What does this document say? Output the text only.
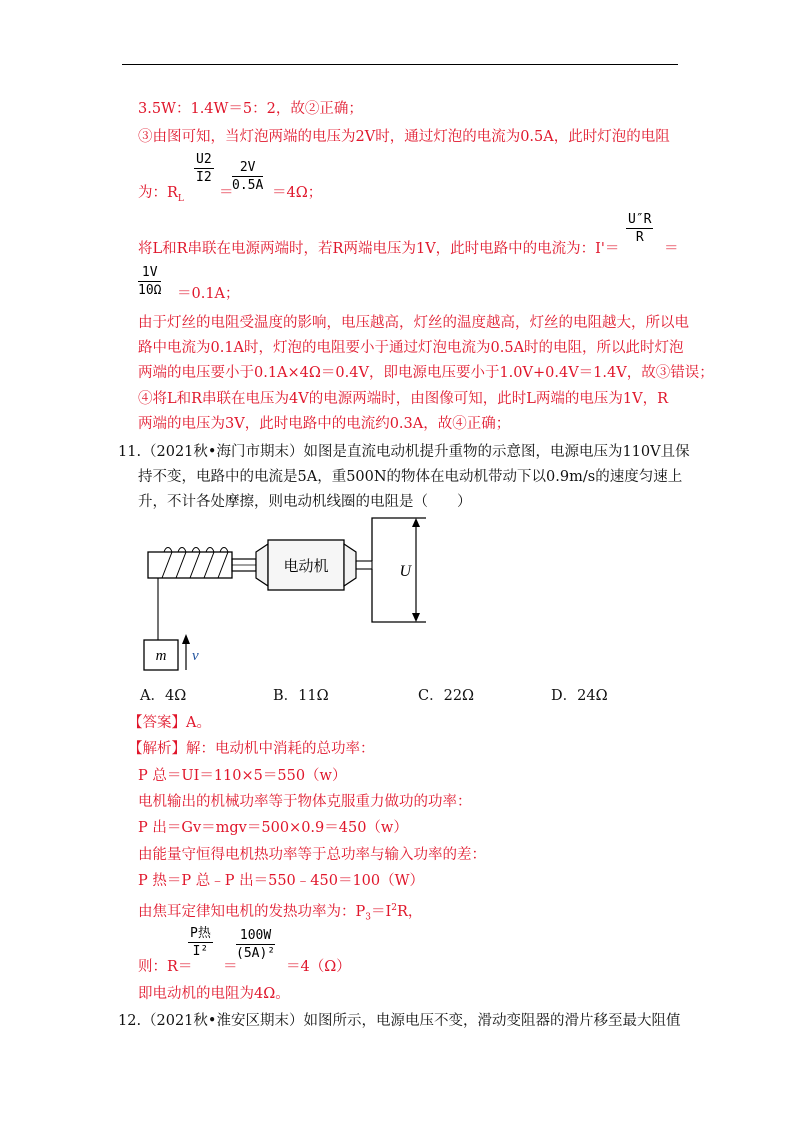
3.5W：1.4W＝5：2，故②正确；
③由图可知，当灯泡两端的电压为2V时，通过灯泡的电流为0.5A，此时灯泡的电阻
为：$R_L$
$\frac{U2}{I2}$
＝
$\frac{2V}{0.5A} =4\Omega$；
将L和R串联在电源两端时，若R两端电压为1V，此时电路中的电流为：I'＝
$\frac{U''R}{R}$
＝
$\frac{1V}{10\Omega} =0.1A$；
由于灯丝的电阻受温度的影响，电压越高，灯丝的温度越高，灯丝的电阻越大，所以电
路中电流为0.1A时，灯泡的电阻要小于通过灯泡电流为0.5A时的电阻，所以此时灯泡
两端的电压要小于0.1A×4Ω＝0.4V，即电源电压要小于1.0V+0.4V＝1.4V，故③错误；
④将L和R串联在电压为4V的电源两端时，由图像可知，此时L两端的电压为1V，R
两端的电压为3V，此时电路中的电流约0.3A，故④正确；
11. （2021秋•海门市期末）如图是直流电动机提升重物的示意图，电源电压为110V且保
持不变，电路中的电流是5A，重500N的物体在电动机带动下以0.9m/s的速度匀速上
升，不计各处摩擦，则电动机线圈的电阻是（　　）
电动机	U
m v
A．4Ω	B．11Ω	C．22Ω	D．24Ω
【答案】A。
【解析】解：电动机中消耗的总功率：
P 总＝UI＝110×5＝550（w）
电机输出的机械功率等于物体克服重力做功的功率：
P 出＝Gv＝mgv＝500×0.9＝450（w）
由能量守恒得电机热功率等于总功率与输入功率的差：
P 热＝P 总﹣P 出＝550﹣450＝100（W）
由焦耳定律知电机的发热功率为：$P_3=I^2R$，
则：R＝
P热
I²
＝
$\frac{100W}{\text{(5A)²}}$
＝4（Ω）
即电动机的电阻为4Ω。
12. （2021秋•淮安区期末）如图所示，电源电压不变，滑动变阻器的滑片移至最大阻值
